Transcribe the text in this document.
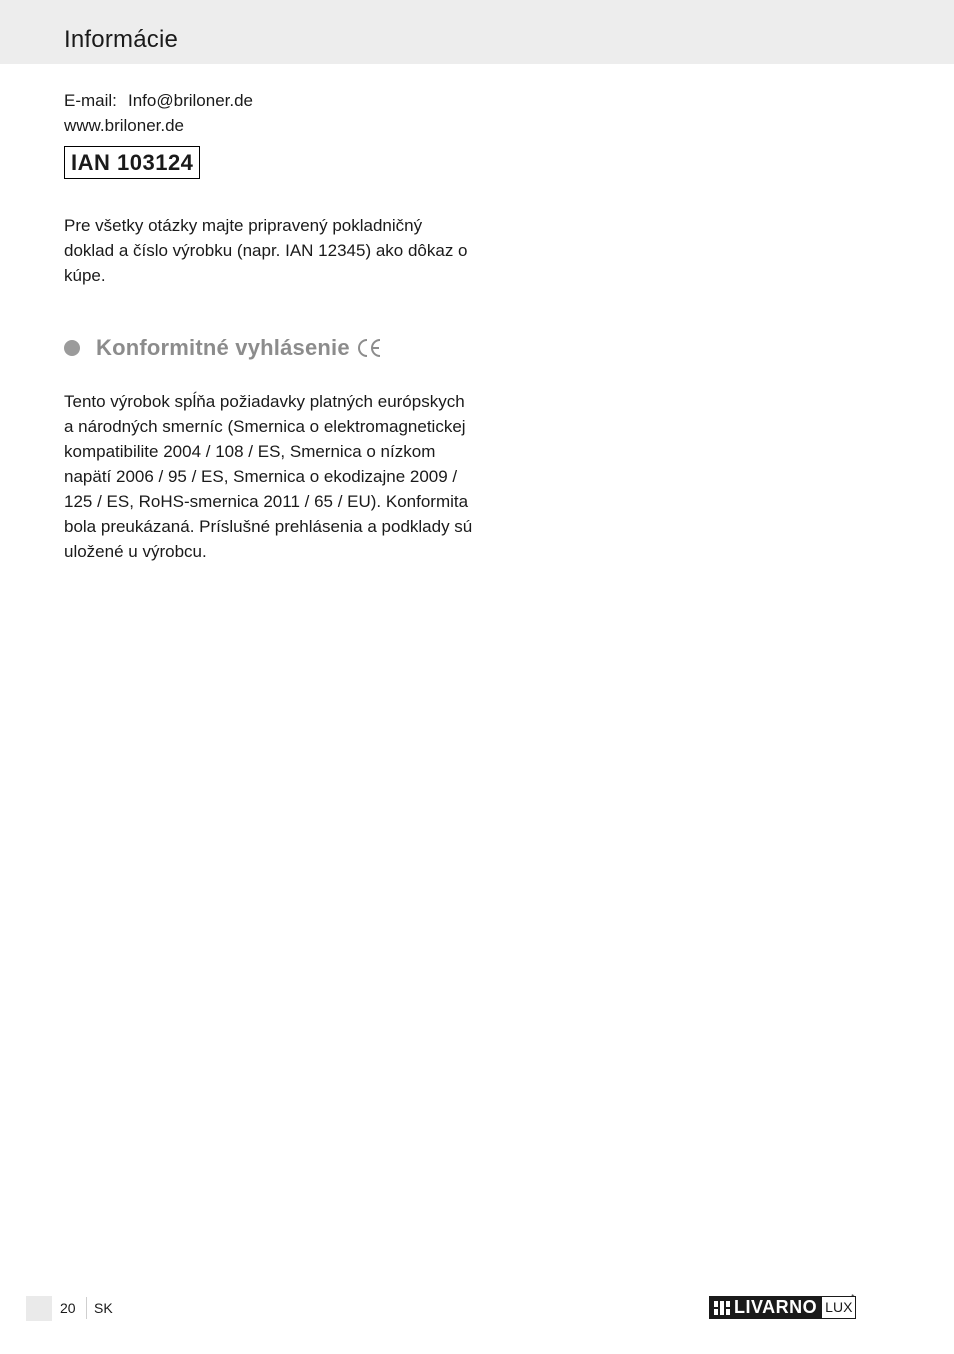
Informácie
E-mail: Info@briloner.de
www.briloner.de
IAN 103124

Pre všetky otázky majte pripravený pokladničný doklad a číslo výrobku (napr. IAN 12345) ako dôkaz o kúpe.

Konformitné vyhlásenie

Tento výrobok spĺňa požiadavky platných európskych a národných smerníc (Smernica o elektromagnetickej kompatibilite 2004 / 108 / ES, Smernica o nízkom napätí 2006 / 95 / ES, Smernica o ekodizajne 2009 / 125 / ES, RoHS-smernica 2011 / 65 / EU). Konformita bola preukázaná. Príslušné prehlásenia a podklady sú uložené u výrobcu.

20 SK	LIVARNO LUX
*
